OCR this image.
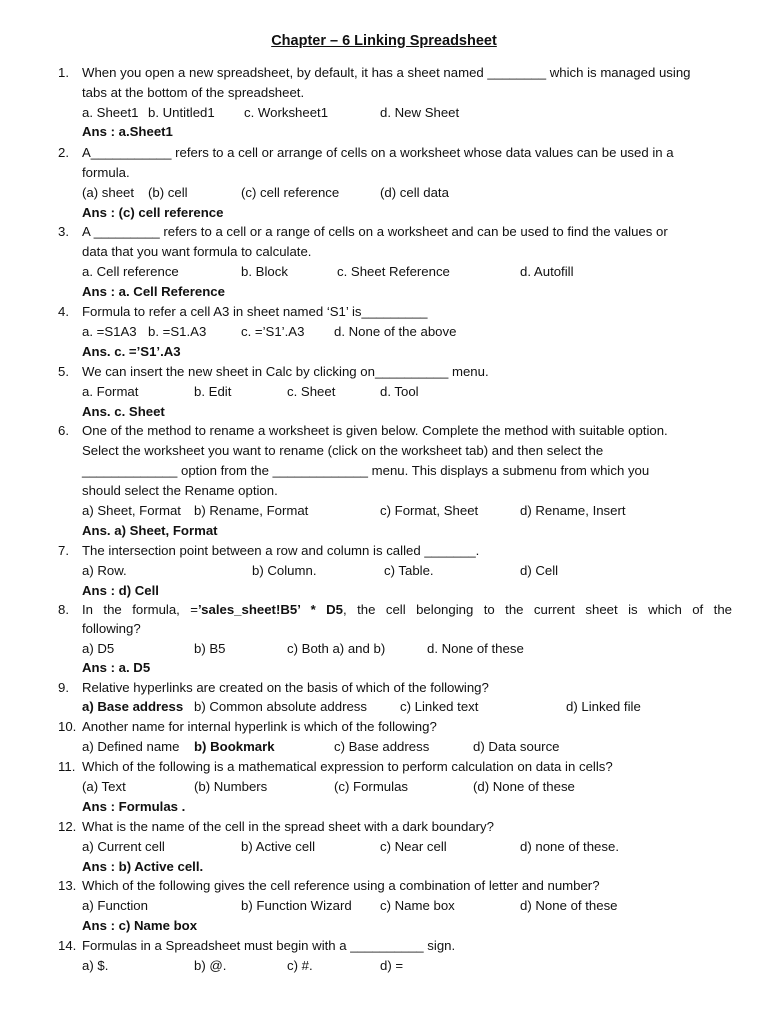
Chapter – 6 Linking Spreadsheet
1. When you open a new spreadsheet, by default, it has a sheet named ________ which is managed using
tabs at the bottom of the spreadsheet.
a. Sheet1 b. Untitled1 c. Worksheet1	d. New Sheet
Ans : a.Sheet1
2. A___________ refers to a cell or arrange of cells on a worksheet whose data values can be used in a
formula.
(a) sheet (b) cell	(c) cell reference	(d) cell data
Ans : (c) cell reference
3. A _________ refers to a cell or a range of cells on a worksheet and can be used to find the values or
data that you want formula to calculate.
a. Cell reference	b. Block	c. Sheet Reference	d. Autofill
Ans : a. Cell Reference
4. Formula to refer a cell A3 in sheet named ‘S1’ is_________
a. =S1A3 b. =S1.A3	c. =’S1’.A3 d. None of the above
Ans. c. =’S1’.A3
5. We can insert the new sheet in Calc by clicking on__________ menu.
a. Format	b. Edit	c. Sheet	d. Tool
Ans. c. Sheet
6. One of the method to rename a worksheet is given below. Complete the method with suitable option.
Select the worksheet you want to rename (click on the worksheet tab) and then select the
_____________ option from the _____________ menu. This displays a submenu from which you
should select the Rename option.
a) Sheet, Format b) Rename, Format	c) Format, Sheet	d) Rename, Insert
Ans. a) Sheet, Format
7. The intersection point between a row and column is called _______.
a) Row.	b) Column.	c) Table.	d) Cell
Ans : d) Cell
8. In the formula, =’sales_sheet!B5’ * D5, the cell belonging to the current sheet is which of the
following?
a) D5	b) B5	c) Both a) and b)	d. None of these
Ans : a. D5
9. Relative hyperlinks are created on the basis of which of the following?
a) Base address b) Common absolute address	c) Linked text	d) Linked file
10. Another name for internal hyperlink is which of the following?
a) Defined name b) Bookmark	c) Base address	d) Data source
11. Which of the following is a mathematical expression to perform calculation on data in cells?
(a) Text	(b) Numbers	(c) Formulas	(d) None of these
Ans : Formulas .
12. What is the name of the cell in the spread sheet with a dark boundary?
a) Current cell	b) Active cell	c) Near cell	d) none of these.
Ans : b) Active cell.
13. Which of the following gives the cell reference using a combination of letter and number?
a) Function	b) Function Wizard c) Name box	d) None of these
Ans : c) Name box
14. Formulas in a Spreadsheet must begin with a __________ sign.
a) $.	b) @.	c) #.	d) =
